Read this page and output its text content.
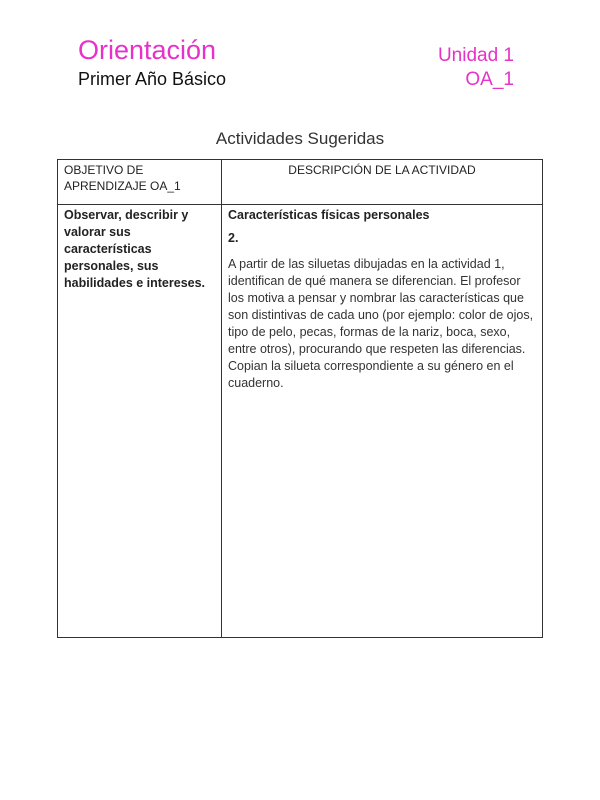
Orientación
Primer Año Básico
Unidad 1
OA_1
Actividades Sugeridas
OBJETIVO DE APRENDIZAJE OA_1	DESCRIPCIÓN DE LA ACTIVIDAD
Observar, describir y valorar sus características personales, sus habilidades e intereses.	Características físicas personales
2.
A partir de las siluetas dibujadas en la actividad 1, identifican de qué manera se diferencian. El profesor los motiva a pensar y nombrar las características que son distintivas de cada uno (por ejemplo: color de ojos, tipo de pelo, pecas, formas de la nariz, boca, sexo, entre otros), procurando que respeten las diferencias. Copian la silueta correspondiente a su género en el cuaderno.
